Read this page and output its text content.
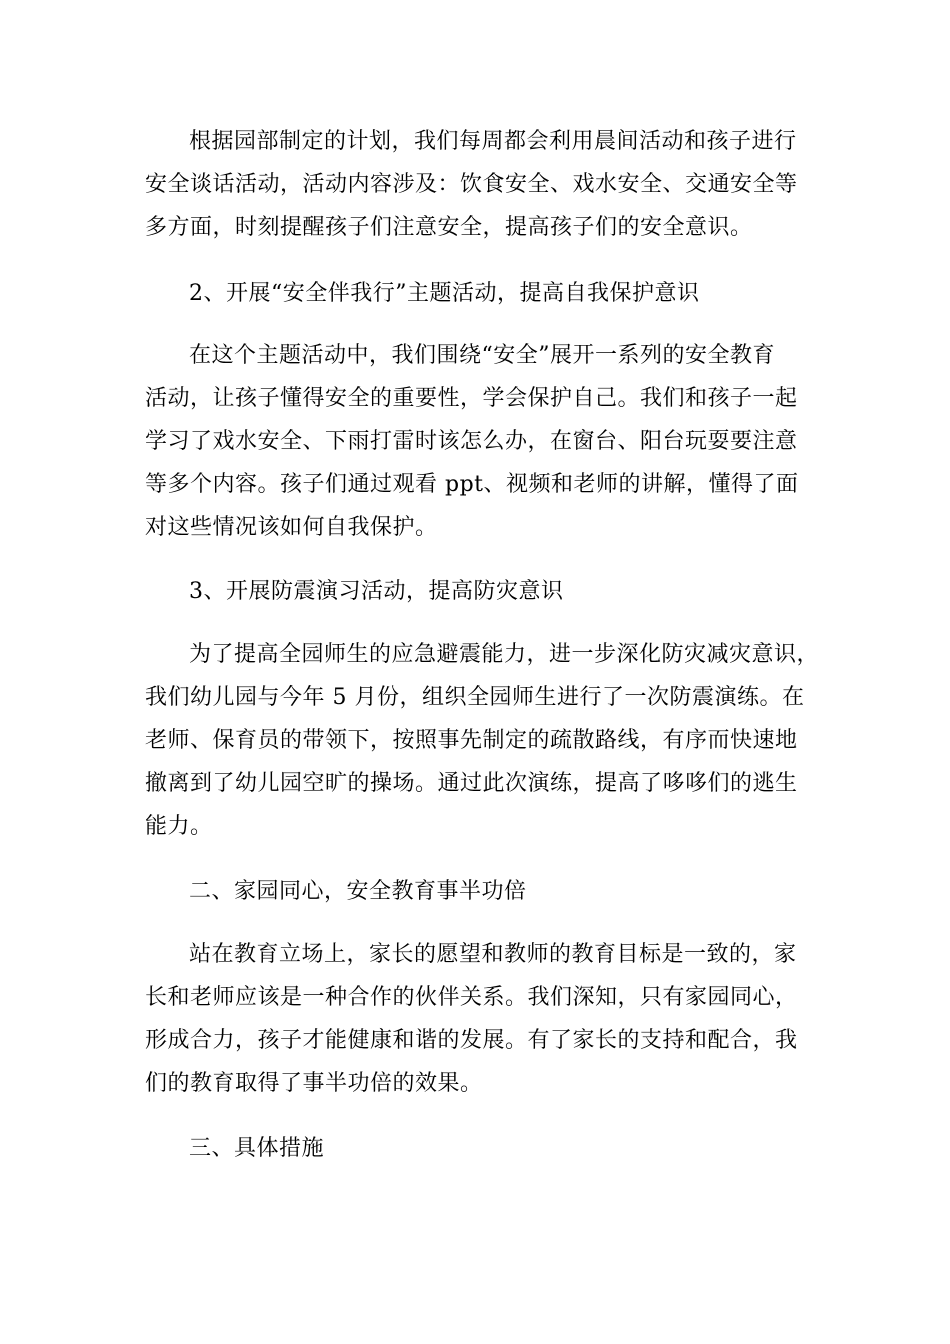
根据园部制定的计划，我们每周都会利用晨间活动和孩子进行

安全谈话活动，活动内容涉及：饮食安全、戏水安全、交通安全等

多方面，时刻提醒孩子们注意安全，提高孩子们的安全意识。

2、开展“安全伴我行”主题活动，提高自我保护意识

在这个主题活动中，我们围绕“安全”展开一系列的安全教育

活动，让孩子懂得安全的重要性，学会保护自己。我们和孩子一起

学习了戏水安全、下雨打雷时该怎么办，在窗台、阳台玩耍要注意

等多个内容。孩子们通过观看 ppt、视频和老师的讲解，懂得了面

对这些情况该如何自我保护。

3、开展防震演习活动，提高防灾意识

为了提高全园师生的应急避震能力，进一步深化防灾减灾意识，

我们幼儿园与今年 5 月份，组织全园师生进行了一次防震演练。在

老师、保育员的带领下，按照事先制定的疏散路线，有序而快速地

撤离到了幼儿园空旷的操场。通过此次演练，提高了哆哆们的逃生

能力。

二、家园同心，安全教育事半功倍

站在教育立场上，家长的愿望和教师的教育目标是一致的，家

长和老师应该是一种合作的伙伴关系。我们深知，只有家园同心，

形成合力，孩子才能健康和谐的发展。有了家长的支持和配合，我

们的教育取得了事半功倍的效果。

三、具体措施
